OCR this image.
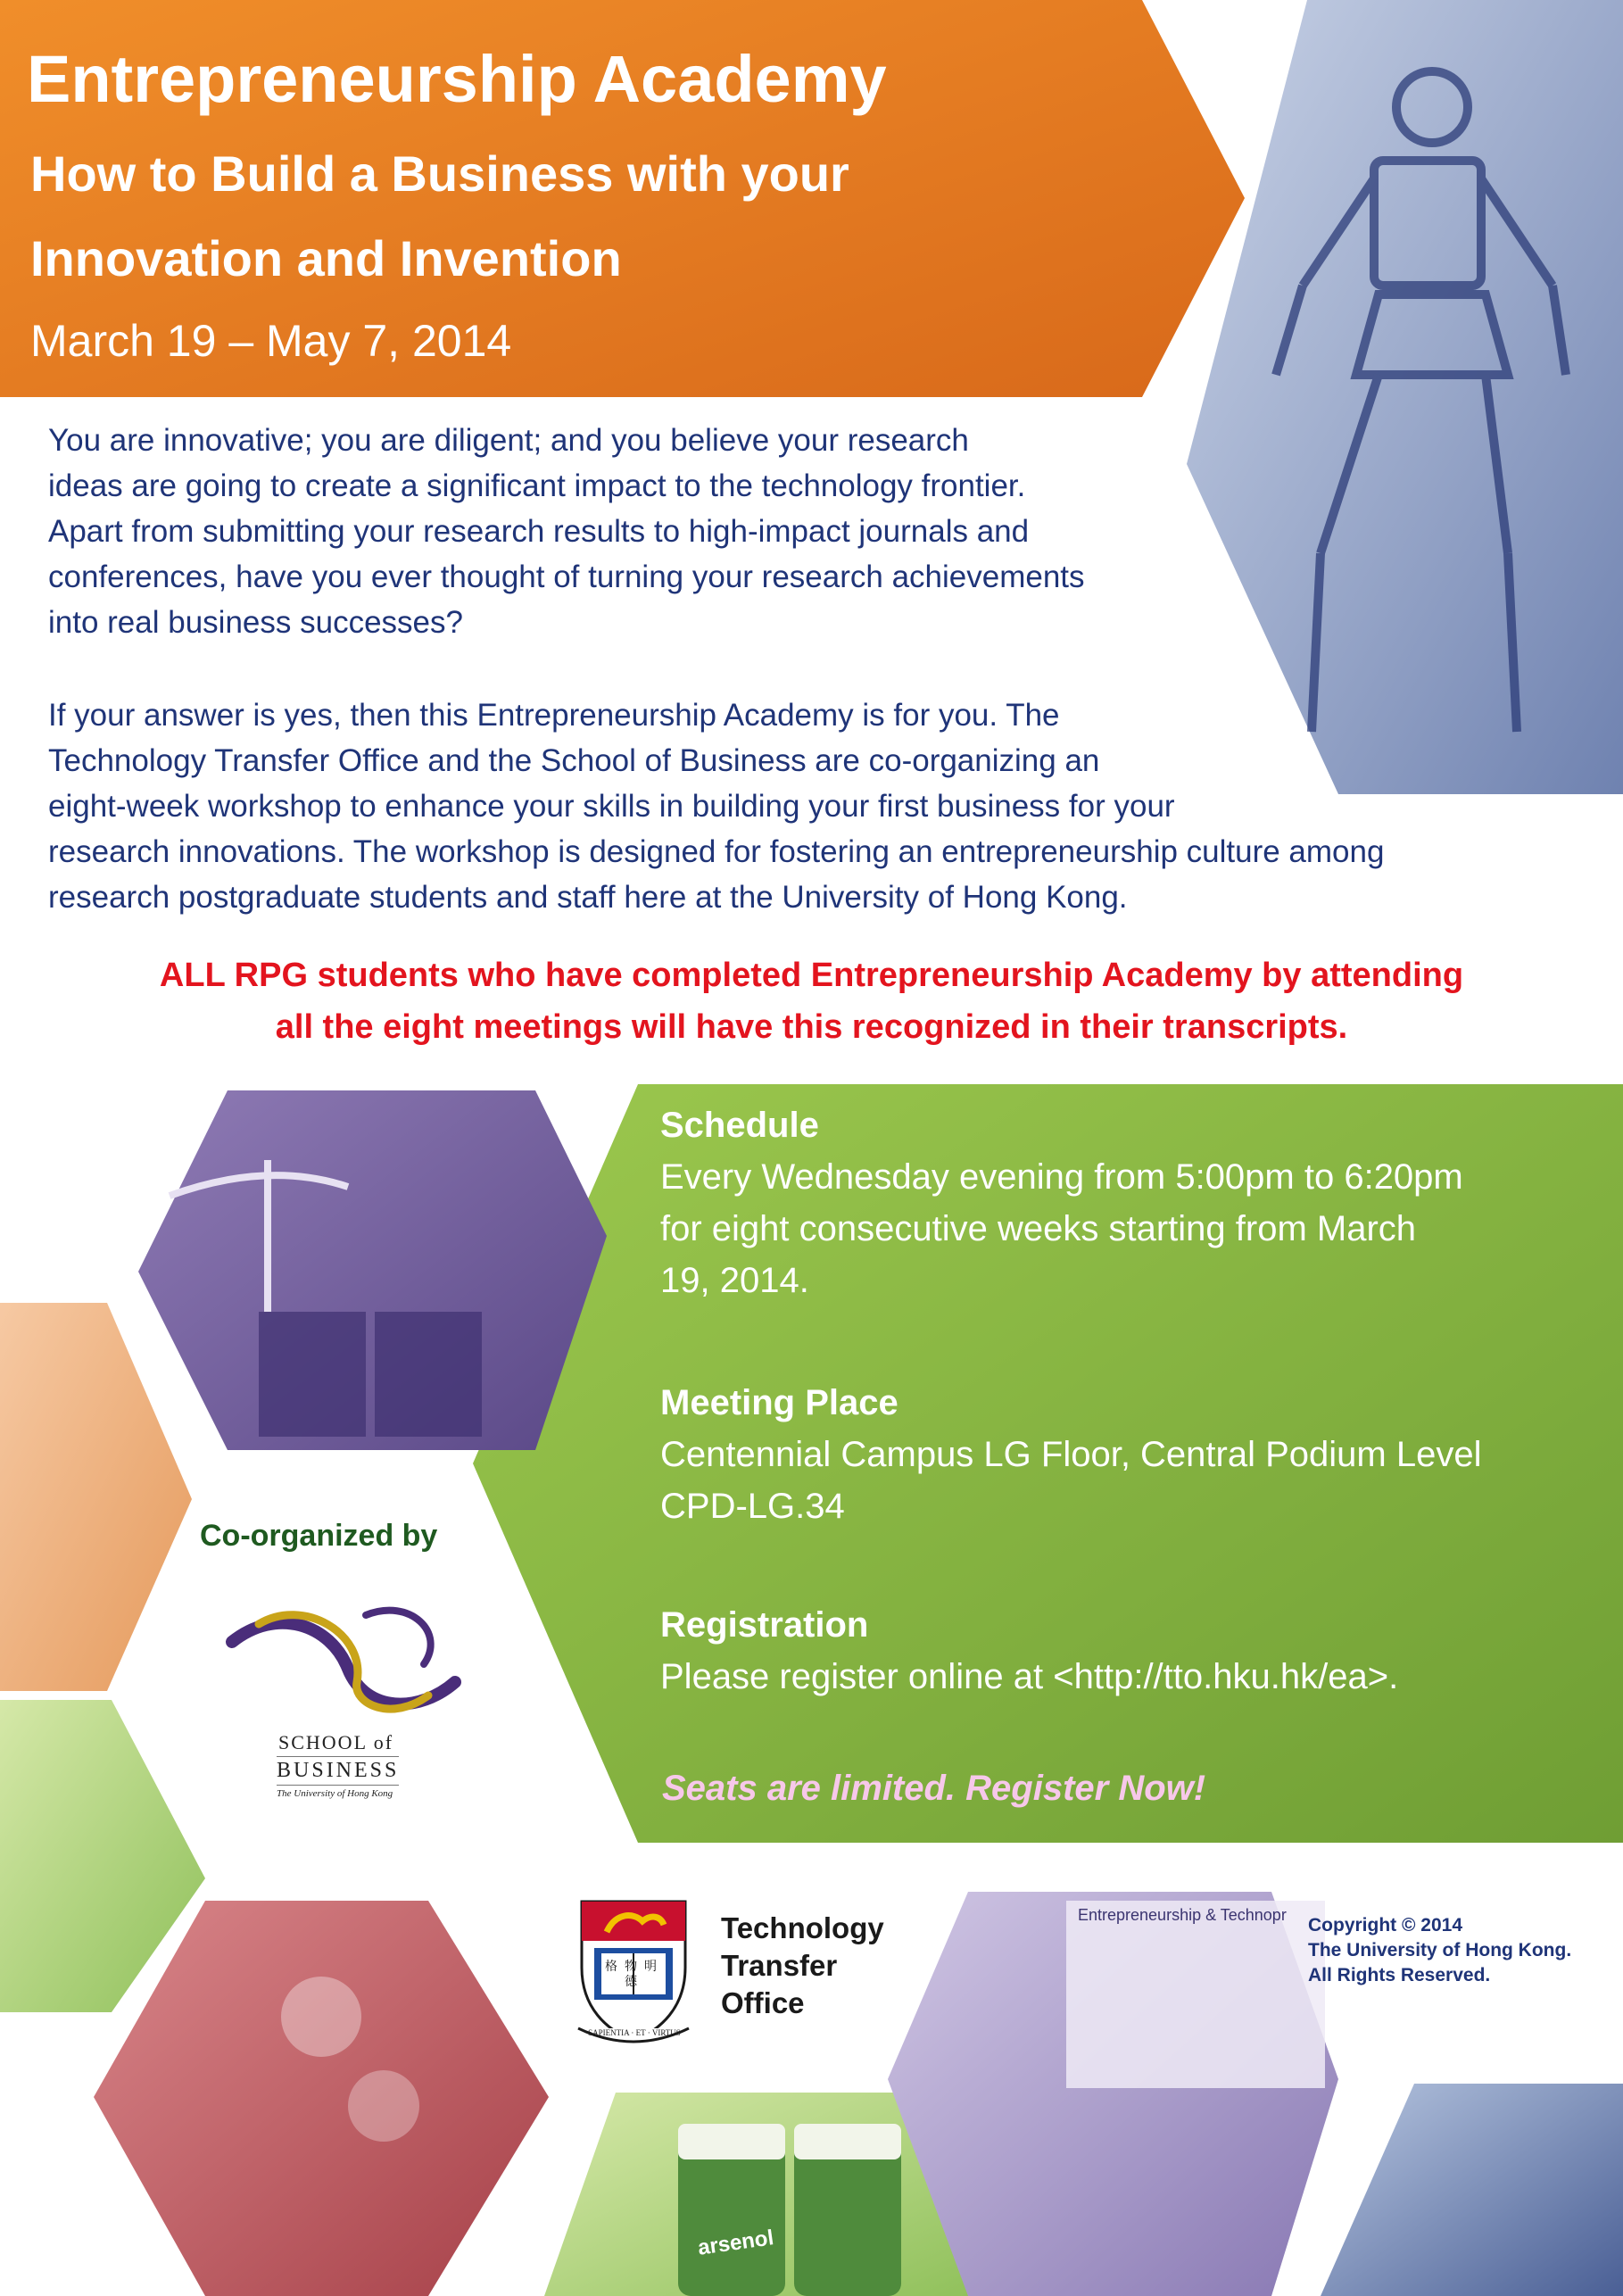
Entrepreneurship & Technopr
arsenol
Entrepreneurship Academy
How to Build a Business with your
Innovation and Invention
March 19 – May 7, 2014

You are innovative; you are diligent; and you believe your research

ideas are going to create a significant impact to the technology frontier.

Apart from submitting your research results to high-impact journals and

conferences, have you ever thought of turning your research achievements

into real business successes?

If your answer is yes, then this Entrepreneurship Academy is for you. The

Technology Transfer Office and the School of Business are co-organizing an

eight-week workshop to enhance your skills in building your first business for your

research innovations. The workshop is designed for fostering an entrepreneurship culture among

research postgraduate students and staff here at the University of Hong Kong.

ALL RPG students who have completed Entrepreneurship Academy by attending

all the eight meetings will have this recognized in their transcripts.

Schedule

Every Wednesday evening from 5:00pm to 6:20pm

for eight consecutive weeks starting from March

19, 2014.

Meeting Place

Centennial Campus LG Floor, Central Podium Level

CPD-LG.34

Registration

Please register online at <http://tto.hku.hk/ea>.

Seats are limited. Register Now!

Co-organized by
SCHOOL of
BUSINESS
The University of Hong Kong
格物明德
SAPIENTIA · ET · VIRTUS
Technology
Transfer
Office
Copyright © 2014
The University of Hong Kong.
All Rights Reserved.
